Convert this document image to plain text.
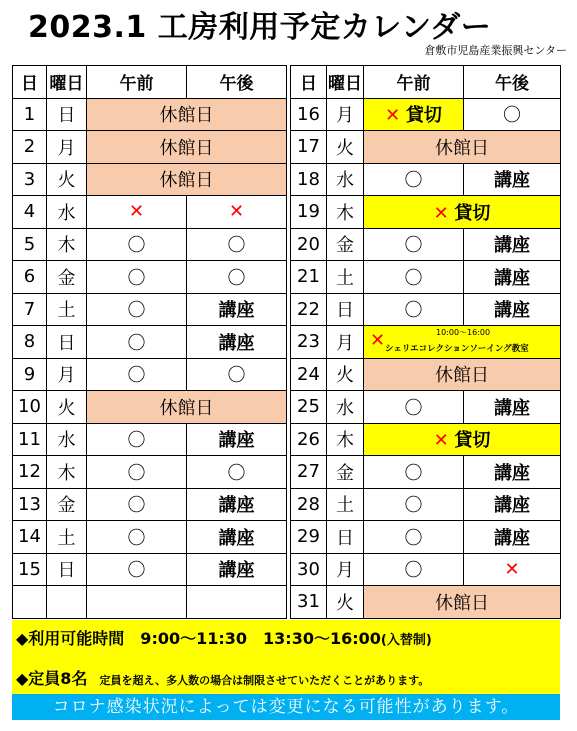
2023.1 工房利用予定カレンダー
倉敷市児島産業振興センター
日	曜日	午前	午後		日	曜日	午前	午後
1	日	休館日			16	月	✕ 貸切	〇
2	月	休館日			17	火	休館日	
3	火	休館日			18	水	〇	講座
4	水	✕	✕		19	木	✕ 貸切	
5	木	〇	〇		20	金	〇	講座
6	金	〇	〇		21	土	〇	講座
7	土	〇	講座		22	日	〇	講座
8	日	〇	講座		23	月	✕ 10:00～16:00
シェリエコレクションソーイング教室	

9	月	〇	〇		24	火	休館日	
10	火	休館日			25	水	〇	講座
11	水	〇	講座		26	木	✕ 貸切	
12	木	〇	〇		27	金	〇	講座
13	金	〇	講座		28	土	〇	講座
14	土	〇	講座		29	日	〇	講座
15	日	〇	講座		30	月	〇	✕
					31	火	休館日	
◆利用可能時間　9:00～11:30　13:30～16:00(入替制)
◆定員8名 定員を超え、多人数の場合は制限させていただくことがあります。
コロナ感染状況によっては変更になる可能性があります。
